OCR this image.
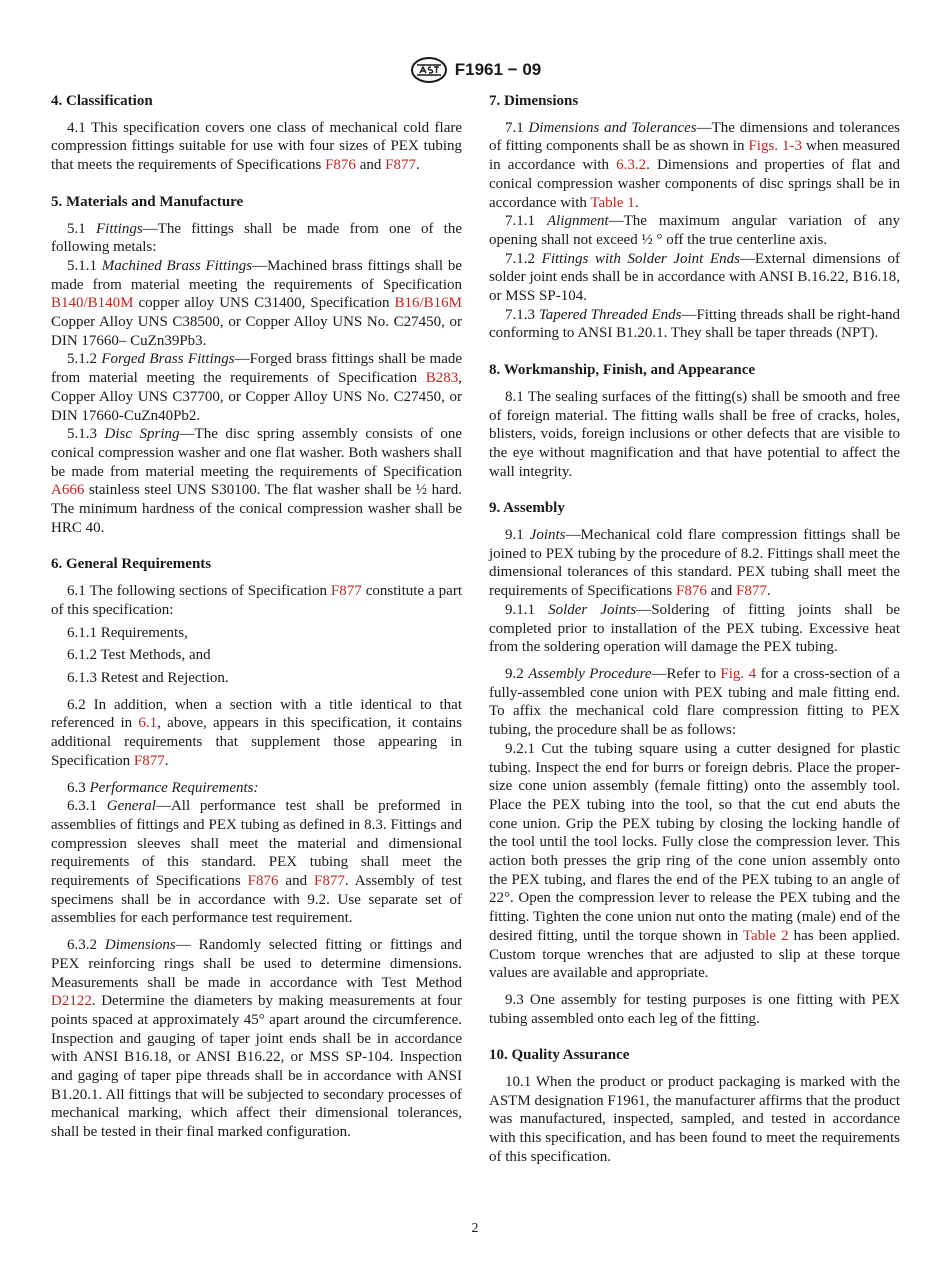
F1961 − 09
4. Classification

4.1 This specification covers one class of mechanical cold flare compression fittings suitable for use with four sizes of PEX tubing that meets the requirements of Specifications F876 and F877.

5. Materials and Manufacture

5.1 Fittings—The fittings shall be made from one of the following metals:

5.1.1 Machined Brass Fittings—Machined brass fittings shall be made from material meeting the requirements of Specification B140/B140M copper alloy UNS C31400, Specification B16/B16M Copper Alloy UNS C38500, or Copper Alloy UNS No. C27450, or DIN 17660– CuZn39Pb3.

5.1.2 Forged Brass Fittings—Forged brass fittings shall be made from material meeting the requirements of Specification B283, Copper Alloy UNS C37700, or Copper Alloy UNS No. C27450, or DIN 17660-CuZn40Pb2.

5.1.3 Disc Spring—The disc spring assembly consists of one conical compression washer and one flat washer. Both washers shall be made from material meeting the requirements of Specification A666 stainless steel UNS S30100. The flat washer shall be ½ hard. The minimum hardness of the conical compression washer shall be HRC 40.

6. General Requirements

6.1 The following sections of Specification F877 constitute a part of this specification:

6.1.1 Requirements,

6.1.2 Test Methods, and

6.1.3 Retest and Rejection.

6.2 In addition, when a section with a title identical to that referenced in 6.1, above, appears in this specification, it contains additional requirements that supplement those appearing in Specification F877.

6.3 Performance Requirements:

6.3.1 General—All performance test shall be preformed in assemblies of fittings and PEX tubing as defined in 8.3. Fittings and compression sleeves shall meet the material and dimensional requirements of this standard. PEX tubing shall meet the requirements of Specifications F876 and F877. Assembly of test specimens shall be in accordance with 9.2. Use separate set of assemblies for each performance test requirement.

6.3.2 Dimensions— Randomly selected fitting or fittings and PEX reinforcing rings shall be used to determine dimensions. Measurements shall be made in accordance with Test Method D2122. Determine the diameters by making measurements at four points spaced at approximately 45° apart around the circumference. Inspection and gauging of taper joint ends shall be in accordance with ANSI B16.18, or ANSI B16.22, or MSS SP-104. Inspection and gaging of taper pipe threads shall be in accordance with ANSI B1.20.1. All fittings that will be subjected to secondary processes of mechanical marking, which affect their dimensional tolerances, shall be tested in their final marked configuration.

7. Dimensions

7.1 Dimensions and Tolerances—The dimensions and tolerances of fitting components shall be as shown in Figs. 1-3 when measured in accordance with 6.3.2. Dimensions and properties of flat and conical compression washer components of disc springs shall be in accordance with Table 1.

7.1.1 Alignment—The maximum angular variation of any opening shall not exceed ½ ° off the true centerline axis.

7.1.2 Fittings with Solder Joint Ends—External dimensions of solder joint ends shall be in accordance with ANSI B.16.22, B16.18, or MSS SP-104.

7.1.3 Tapered Threaded Ends—Fitting threads shall be right-hand conforming to ANSI B1.20.1. They shall be taper threads (NPT).

8. Workmanship, Finish, and Appearance

8.1 The sealing surfaces of the fitting(s) shall be smooth and free of foreign material. The fitting walls shall be free of cracks, holes, blisters, voids, foreign inclusions or other defects that are visible to the eye without magnification and that have potential to affect the wall integrity.

9. Assembly

9.1 Joints—Mechanical cold flare compression fittings shall be joined to PEX tubing by the procedure of 8.2. Fittings shall meet the dimensional tolerances of this standard. PEX tubing shall meet the requirements of Specifications F876 and F877.

9.1.1 Solder Joints—Soldering of fitting joints shall be completed prior to installation of the PEX tubing. Excessive heat from the soldering operation will damage the PEX tubing.

9.2 Assembly Procedure—Refer to Fig. 4 for a cross-section of a fully-assembled cone union with PEX tubing and male fitting end. To affix the mechanical cold flare compression fitting to PEX tubing, the procedure shall be as follows:

9.2.1 Cut the tubing square using a cutter designed for plastic tubing. Inspect the end for burrs or foreign debris. Place the proper-size cone union assembly (female fitting) onto the assembly tool. Place the PEX tubing into the tool, so that the cut end abuts the cone union. Grip the PEX tubing by closing the locking handle of the tool until the tool locks. Fully close the compression lever. This action both presses the grip ring of the cone union assembly onto the PEX tubing, and flares the end of the PEX tubing to an angle of 22°. Open the compression lever to release the PEX tubing and the fitting. Tighten the cone union nut onto the mating (male) end of the desired fitting, until the torque shown in Table 2 has been applied. Custom torque wrenches that are adjusted to slip at these torque values are available and appropriate.

9.3 One assembly for testing purposes is one fitting with PEX tubing assembled onto each leg of the fitting.

10. Quality Assurance

10.1 When the product or product packaging is marked with the ASTM designation F1961, the manufacturer affirms that the product was manufactured, inspected, sampled, and tested in accordance with this specification, and has been found to meet the requirements of this specification.

2
